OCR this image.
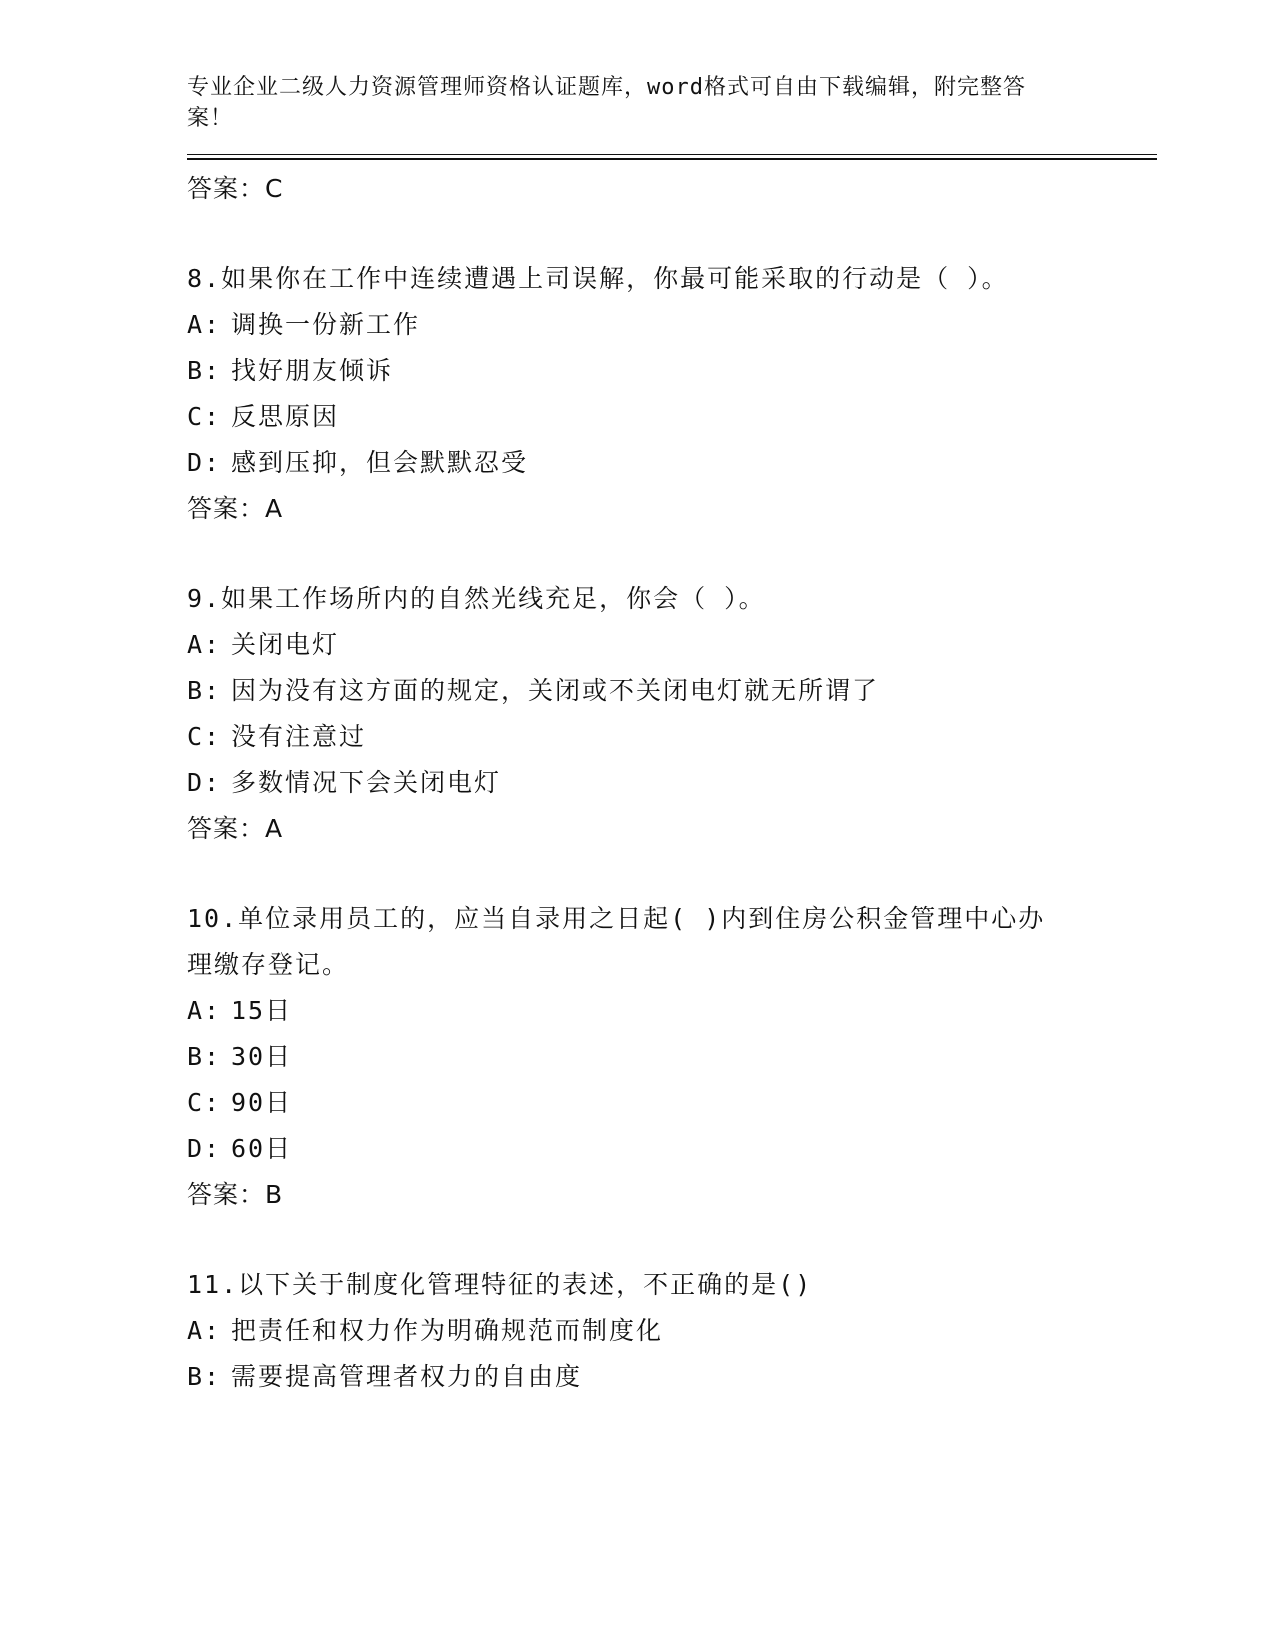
专业企业二级人力资源管理师资格认证题库，word格式可自由下载编辑，附完整答案！
答案：C
8.如果你在工作中连续遭遇上司误解，你最可能采取的行动是（ ）。
A: 调换一份新工作
B: 找好朋友倾诉
C: 反思原因
D: 感到压抑，但会默默忍受
答案：A
9.如果工作场所内的自然光线充足，你会（ ）。
A: 关闭电灯
B: 因为没有这方面的规定，关闭或不关闭电灯就无所谓了
C: 没有注意过
D: 多数情况下会关闭电灯
答案：A
10.单位录用员工的，应当自录用之日起( )内到住房公积金管理中心办理缴存登记。
A: 15日
B: 30日
C: 90日
D: 60日
答案：B
11.以下关于制度化管理特征的表述，不正确的是()
A: 把责任和权力作为明确规范而制度化
B: 需要提高管理者权力的自由度
